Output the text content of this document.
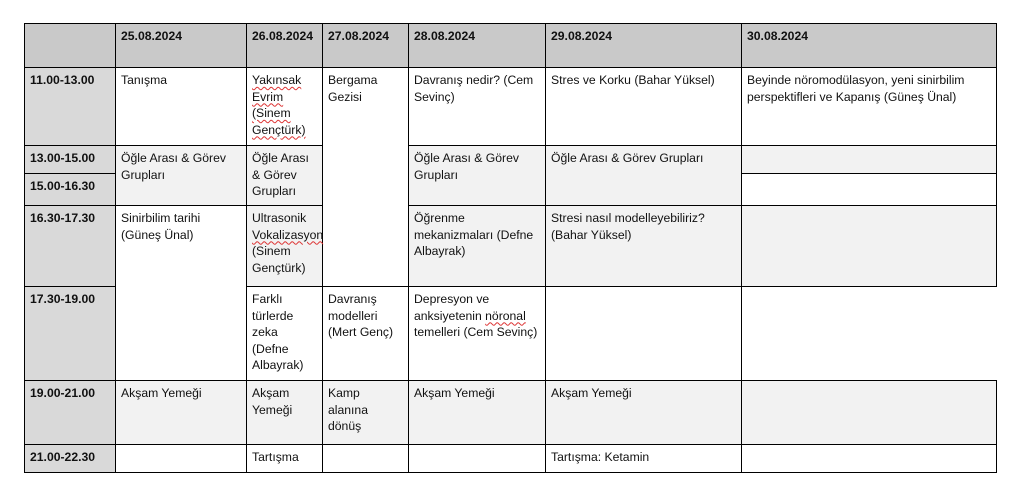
	25.08.2024	26.08.2024	27.08.2024	28.08.2024	29.08.2024	30.08.2024
11.00-13.00	Tanışma	Yakınsak Evrim (Sinem Gençtürk)	Bergama Gezisi	Davranış nedir? (Cem Sevinç)	Stres ve Korku (Bahar Yüksel)	Beyinde nöromodülasyon, yeni sinirbilim perspektifleri ve Kapanış (Güneş Ünal)
13.00-15.00	Öğle Arası & Görev Grupları	Öğle Arası & Görev Grupları		Öğle Arası & Görev Grupları	Öğle Arası & Görev Grupları	
15.00-16.30						
16.30-17.30	Sinirbilim tarihi (Güneş Ünal)	Ultrasonik Vokalizasyon (Sinem Gençtürk)		Öğrenme mekanizmaları (Defne Albayrak)	Stresi nasıl modelleyebiliriz? (Bahar Yüksel)	
17.30-19.00		Farklı türlerde zeka (Defne Albayrak)	Davranış modelleri (Mert Genç)	Depresyon ve anksiyetenin nöronal temelleri (Cem Sevinç)		
19.00-21.00	Akşam Yemeği	Akşam Yemeği	Kamp alanına dönüş	Akşam Yemeği	Akşam Yemeği	
21.00-22.30		Tartışma			Tartışma: Ketamin	
